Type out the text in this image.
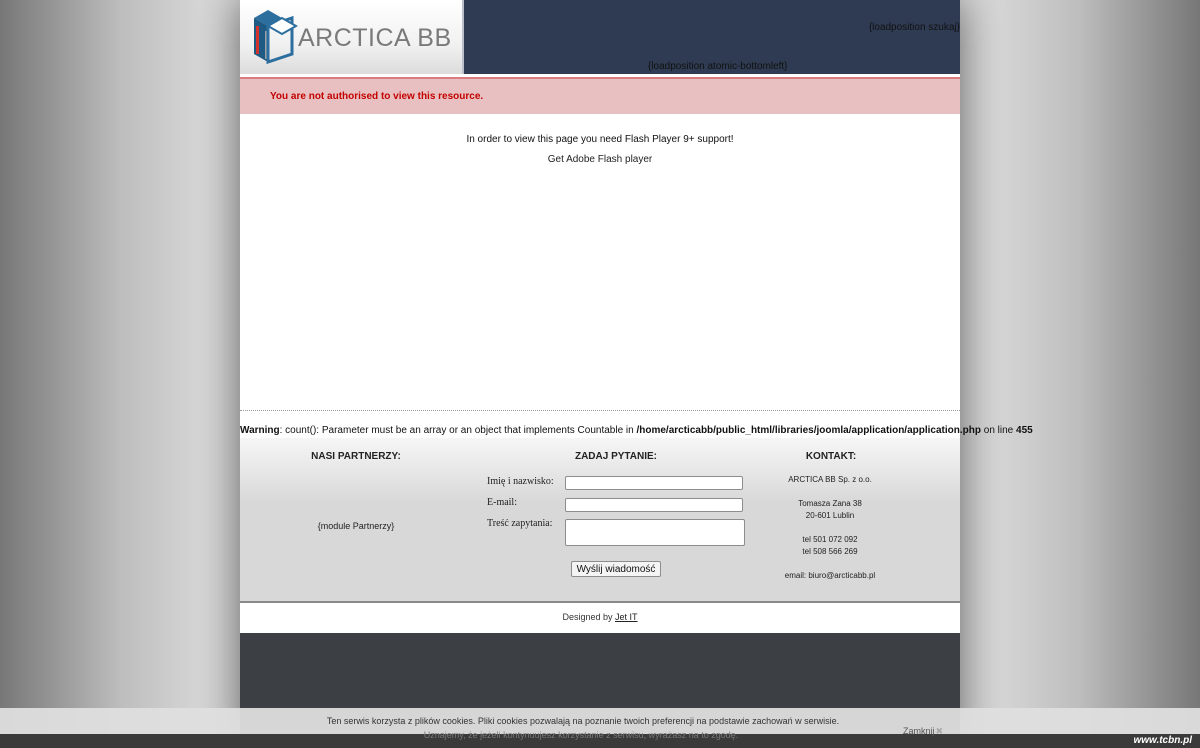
ARCTICA BB	{loadposition szukaj}
{loadposition atomic-bottomleft}
You are not authorised to view this resource.
In order to view this page you need Flash Player 9+ support!
Get Adobe Flash player
Warning: count(): Parameter must be an array or an object that implements Countable in /home/arcticabb/public_html/libraries/joomla/application/application.php on line 455
NASI PARTNERZY:
{module Partnerzy}
ZADAJ PYTANIE:
Imię i nazwisko:
E-mail:
Treść zapytania:
Wyślij wiadomość
KONTAKT:
ARCTICA BB Sp. z o.o.
Tomasza Zana 38
20-601 Lublin
tel 501 072 092
tel 508 566 269
email: biuro@arcticabb.pl
Designed by Jet IT
Ten serwis korzysta z plików cookies. Pliki cookies pozwalają na poznanie twoich preferencji na podstawie zachowań w serwisie.
Uznajemy, że jeżeli kontynuujesz korzystanie z serwisu, wyrażasz na to zgodę.	Zamknij✖
www.tcbn.pl
